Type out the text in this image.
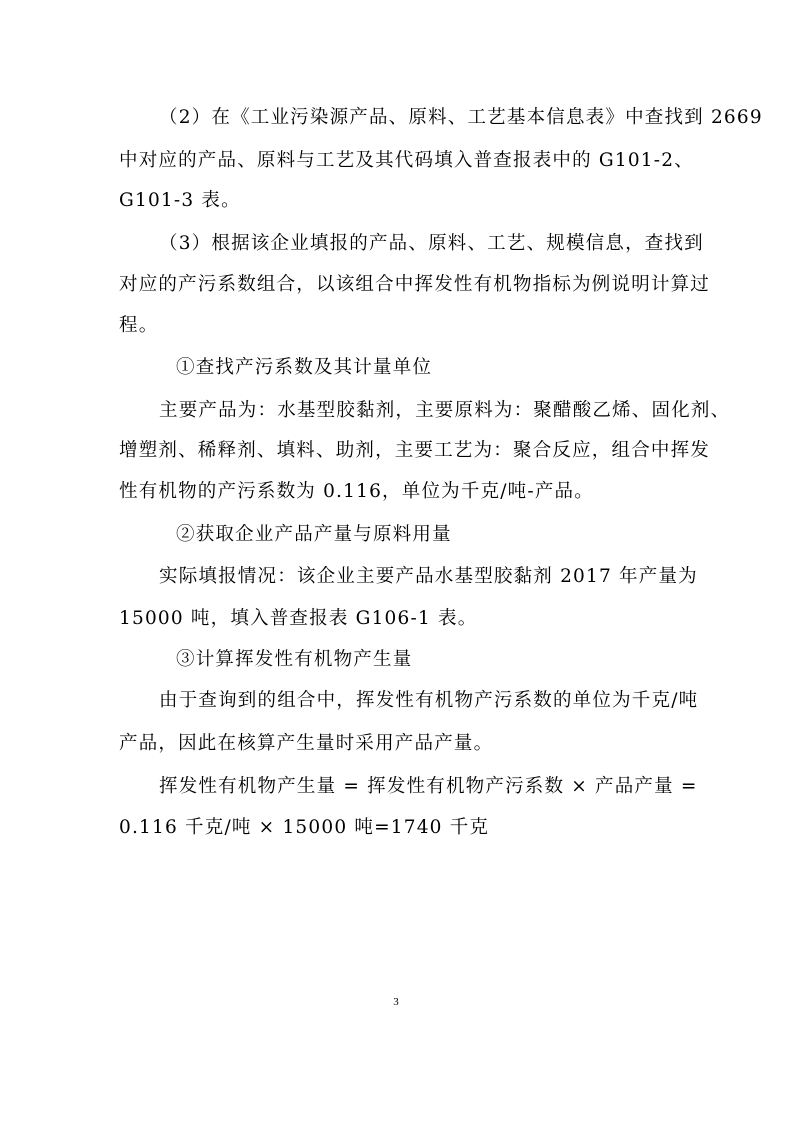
（2）在《工业污染源产品、原料、工艺基本信息表》中查找到 2669
中对应的产品、原料与工艺及其代码填入普查报表中的 G101-2、
G101-3 表。
（3）根据该企业填报的产品、原料、工艺、规模信息，查找到
对应的产污系数组合，以该组合中挥发性有机物指标为例说明计算过
程。
①查找产污系数及其计量单位
主要产品为：水基型胶黏剂，主要原料为：聚醋酸乙烯、固化剂、
增塑剂、稀释剂、填料、助剂，主要工艺为：聚合反应，组合中挥发
性有机物的产污系数为 0.116，单位为千克/吨-产品。
②获取企业产品产量与原料用量
实际填报情况：该企业主要产品水基型胶黏剂 2017 年产量为
15000 吨，填入普查报表 G106-1 表。
③计算挥发性有机物产生量
由于查询到的组合中，挥发性有机物产污系数的单位为千克/吨
产品，因此在核算产生量时采用产品产量。
挥发性有机物产生量 = 挥发性有机物产污系数 × 产品产量 =
0.116 千克/吨 × 15000 吨=1740 千克
3
